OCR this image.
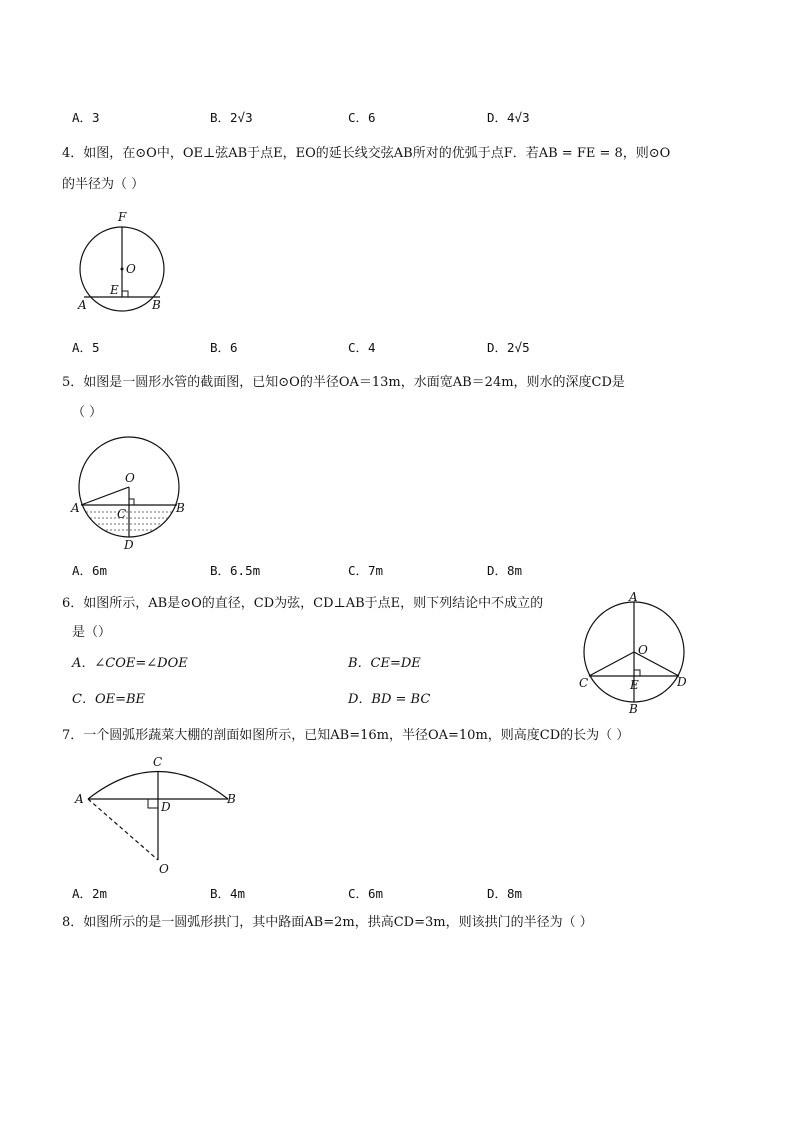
A．3	B．2√3	C．6	D．4√3
4．如图，在⊙O中，OE⊥弦AB于点E，EO的延长线交弦AB所对的优弧于点F．若AB = FE = 8，则⊙O
的半径为（ ）
F
O
E
A	B
A．5	B．6	C．4	D．2√5
5．如图是一圆形水管的截面图，已知⊙O的半径OA＝13m，水面宽AB＝24m，则水的深度CD是
（ ）
O
A	B
C
D
A．6m	B．6.5m	C．7m	D．8m
6．如图所示，AB是⊙O的直径，CD为弦，CD⊥AB于点E，则下列结论中不成立的
是（）
A．∠COE=∠DOE	B．CE=DE
C．OE=BE	D．BD = BC
A
O
C	E	D
B
7．一个圆弧形蔬菜大棚的剖面如图所示，已知AB=16m，半径OA=10m，则高度CD的长为（ ）
C
A	B
D
O
A．2m	B．4m	C．6m	D．8m
8．如图所示的是一圆弧形拱门，其中路面AB=2m，拱高CD=3m，则该拱门的半径为（ ）
